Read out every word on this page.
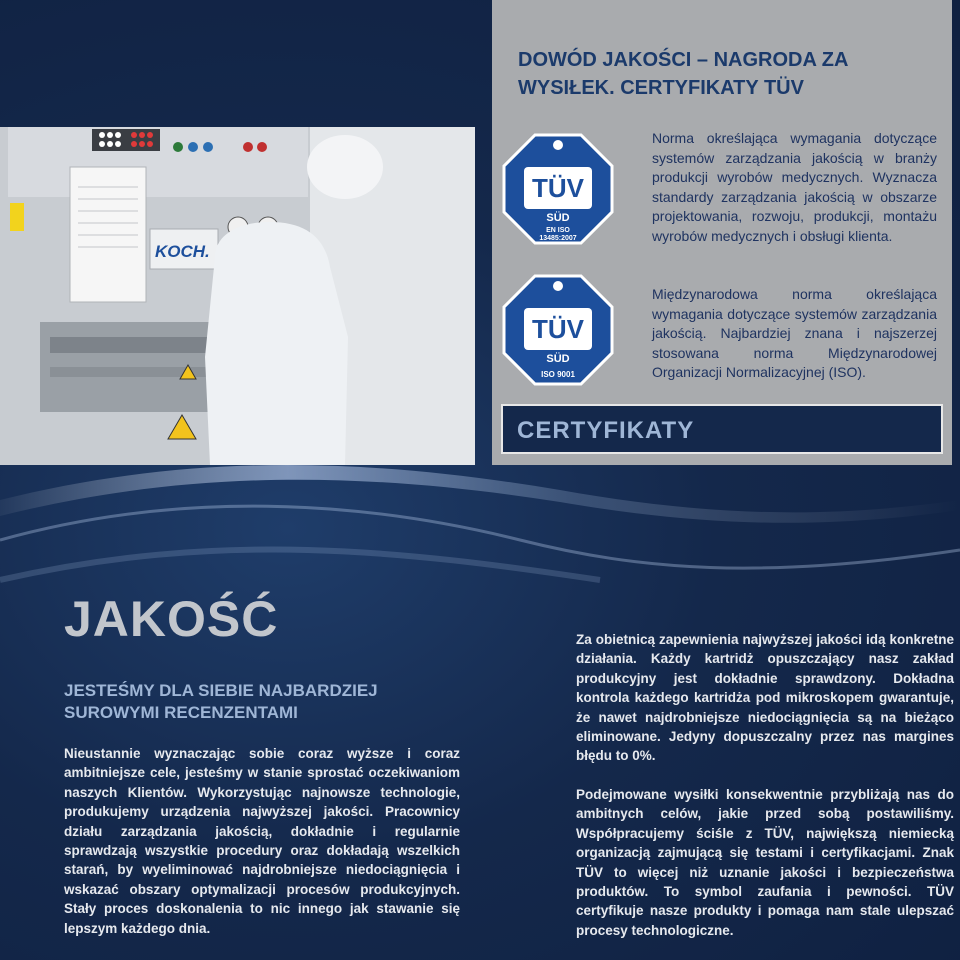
KOCH.
DOWÓD JAKOŚCI – NAGRODA ZA WYSIŁEK. CERTYFIKATY TÜV
TÜV
SÜD
EN ISO
13485:2007
Norma określająca wymagania dotyczące systemów zarządzania jakością w branży produkcji wyrobów medycznych. Wyznacza standardy zarządzania jakością w obszarze projektowania, rozwoju, produkcji, montażu wyrobów medycznych i obsługi klienta.
TÜV
SÜD
ISO 9001
Międzynarodowa norma określająca wymagania dotyczące systemów zarządzania jakością. Najbardziej znana i najszerzej stosowana norma Międzynarodowej Organizacji Normalizacyjnej (ISO).
CERTYFIKATY
JAKOŚĆ
JESTEŚMY DLA SIEBIE NAJBARDZIEJ SUROWYMI RECENZENTAMI
Nieustannie wyznaczając sobie coraz wyższe i coraz ambitniejsze cele, jesteśmy w stanie sprostać oczekiwaniom naszych Klientów. Wykorzystując najnowsze technologie, produkujemy urządzenia najwyższej jakości. Pracownicy działu zarządzania jakością, dokładnie i regularnie sprawdzają wszystkie procedury oraz dokładają wszelkich starań, by wyeliminować najdrobniejsze niedociągnięcia i wskazać obszary optymalizacji procesów produkcyjnych. Stały proces doskonalenia to nic innego jak stawanie się lepszym każdego dnia.
Za obietnicą zapewnienia najwyższej jakości idą konkretne działania. Każdy kartridż opuszczający nasz zakład produkcyjny jest dokładnie sprawdzony. Dokładna kontrola każdego kartridża pod mikroskopem gwarantuje, że nawet najdrobniejsze niedociągnięcia są na bieżąco eliminowane. Jedyny dopuszczalny przez nas margines błędu to 0%.
Podejmowane wysiłki konsekwentnie przybliżają nas do ambitnych celów, jakie przed sobą postawiliśmy. Współpracujemy ściśle z TÜV, największą niemiecką organizacją zajmującą się testami i certyfikacjami. Znak TÜV to więcej niż uznanie jakości i bezpieczeństwa produktów. To symbol zaufania i pewności. TÜV certyfikuje nasze produkty i pomaga nam stale ulepszać procesy technologiczne.
